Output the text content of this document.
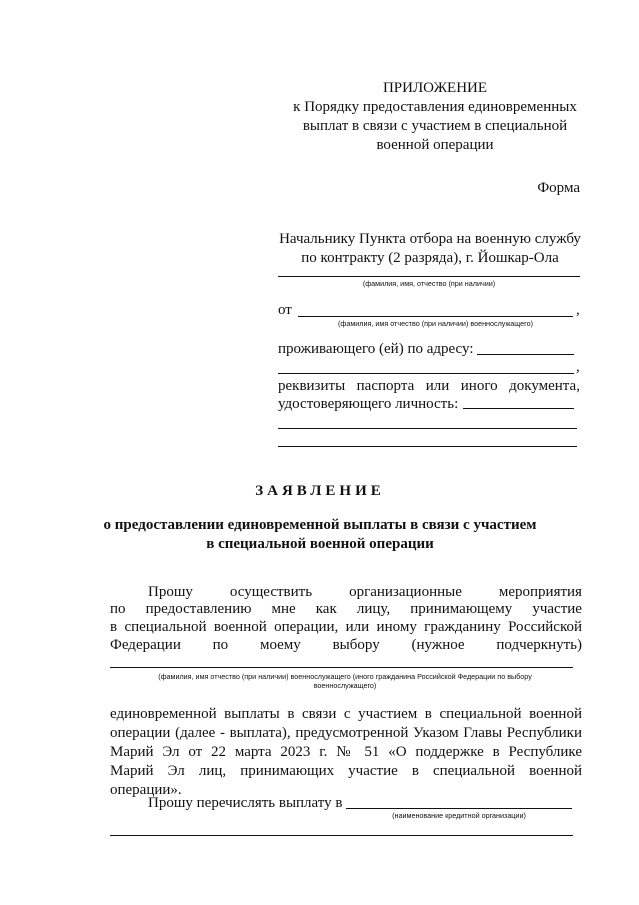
ПРИЛОЖЕНИЕ
к Порядку предоставления единовременных
выплат в связи с участием в специальной
военной операции
Форма
Начальнику Пункта отбора на военную службу
по контракту (2 разряда), г. Йошкар-Ола
(фамилия, имя, отчество (при наличии)
от	,
(фамилия, имя отчество (при наличии) военнослужащего)
проживающего (ей) по адресу:
,
реквизиты паспорта или иного документа,
удостоверяющего личность:
ЗАЯВЛЕНИЕ
о предоставлении единовременной выплаты в связи с участием
в специальной военной операции
Прошу осуществить организационные мероприятия
по предоставлению мне как лицу, принимающему участие
в специальной военной операции, или иному гражданину Российской
Федерации по моему выбору (нужное подчеркнуть)
(фамилия, имя отчество (при наличии) военнослужащего (иного гражданина Российской Федерации по выбору
военнослужащего)
единовременной выплаты в связи с участием в специальной военной
операции (далее - выплата), предусмотренной Указом Главы Республики
Марий Эл от 22 марта 2023 г. № 51 «О поддержке в Республике
Марий Эл лиц, принимающих участие в специальной военной
операции».
Прошу перечислять выплату в
(наименование кредитной организации)
